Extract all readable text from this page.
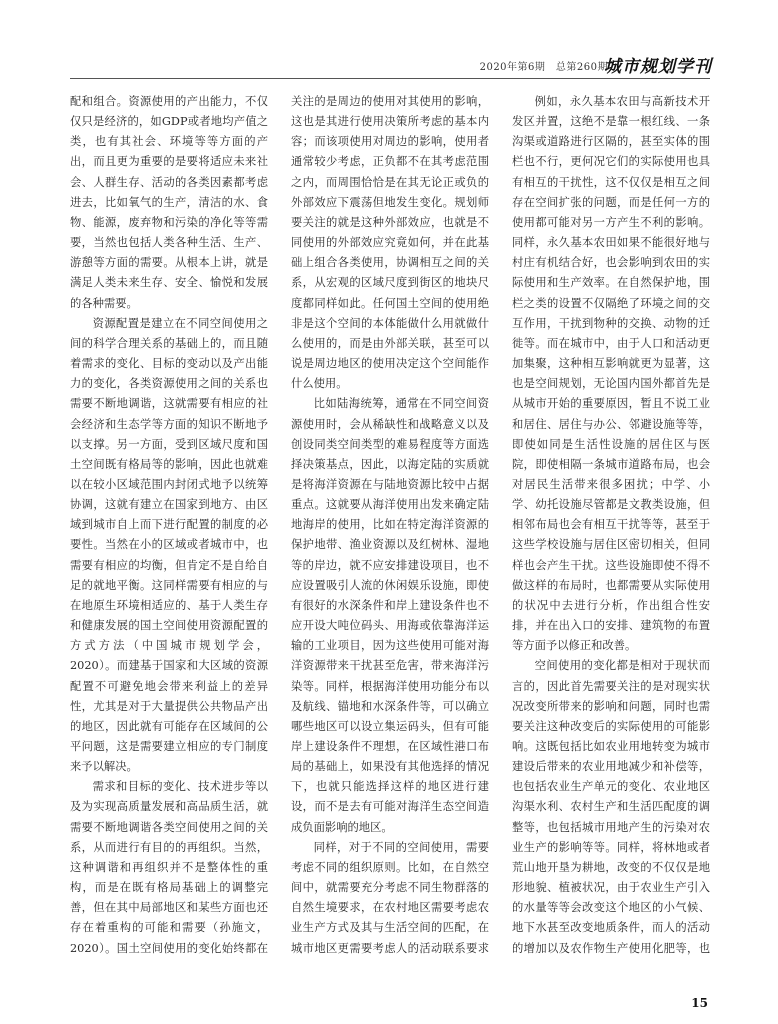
2020年第6期　总第260期
城市规划学刊

配和组合。资源使用的产出能力，不仅仅只是经济的，如GDP或者地均产值之类，也有其社会、环境等等方面的产出，而且更为重要的是要将适应未来社会、人群生存、活动的各类因素都考虑进去，比如氧气的生产，清洁的水、食物、能源，废弃物和污染的净化等等需要，当然也包括人类各种生活、生产、游憩等方面的需要。从根本上讲，就是满足人类未来生存、安全、愉悦和发展的各种需要。

资源配置是建立在不同空间使用之间的科学合理关系的基础上的，而且随着需求的变化、目标的变动以及产出能力的变化，各类资源使用之间的关系也需要不断地调谐，这就需要有相应的社会经济和生态学等方面的知识不断地予以支撑。另一方面，受到区域尺度和国土空间既有格局等的影响，因此也就难以在较小区域范围内封闭式地予以统筹协调，这就有建立在国家到地方、由区域到城市自上而下进行配置的制度的必要性。当然在小的区域或者城市中，也需要有相应的均衡，但肯定不是自给自足的就地平衡。这同样需要有相应的与在地原生环境相适应的、基于人类生存和健康发展的国土空间使用资源配置的方式方法（中国城市规划学会，2020）。而建基于国家和大区域的资源配置不可避免地会带来利益上的差异性，尤其是对于大量提供公共物品产出的地区，因此就有可能存在区域间的公平问题，这是需要建立相应的专门制度来予以解决。

需求和目标的变化、技术进步等以及为实现高质量发展和高品质生活，就需要不断地调谐各类空间使用之间的关系，从而进行有目的的再组织。当然，这种调谐和再组织并不是整体性的重构，而是在既有格局基础上的调整完善，但在其中局部地区和某些方面也还存在着重构的可能和需要（孙施文，2020）。国土空间使用的变化始终都在

关注的是周边的使用对其使用的影响，这也是其进行使用决策所考虑的基本内容；而该项使用对周边的影响，使用者通常较少考虑，正负都不在其考虑范围之内，而周围恰恰是在其无论正或负的外部效应下震荡但地发生变化。规划师要关注的就是这种外部效应，也就是不同使用的外部效应究竟如何，并在此基础上组合各类使用，协调相互之间的关系，从宏观的区域尺度到街区的地块尺度都同样如此。任何国土空间的使用绝非是这个空间的本体能做什么用就做什么使用的，而是由外部关联，甚至可以说是周边地区的使用决定这个空间能作什么使用。

比如陆海统筹，通常在不同空间资源使用时，会从稀缺性和战略意义以及创设同类空间类型的难易程度等方面选择决策基点，因此，以海定陆的实质就是将海洋资源在与陆地资源比较中占据重点。这就要从海洋使用出发来确定陆地海岸的使用，比如在特定海洋资源的保护地带、渔业资源以及红树林、湿地等的岸边，就不应安排建设项目，也不应设置吸引人流的休闲娱乐设施，即使有很好的水深条件和岸上建设条件也不应开设大吨位码头、用海或依靠海洋运输的工业项目，因为这些使用可能对海洋资源带来干扰甚至危害，带来海洋污染等。同样，根据海洋使用功能分布以及航线、锚地和水深条件等，可以确立哪些地区可以设立集运码头，但有可能岸上建设条件不理想，在区域性港口布局的基础上，如果没有其他选择的情况下，也就只能选择这样的地区进行建设，而不是去有可能对海洋生态空间造成负面影响的地区。

同样，对于不同的空间使用，需要考虑不同的组织原则。比如，在自然空间中，就需要充分考虑不同生物群落的自然生境要求，在农村地区需要考虑农业生产方式及其与生活空间的匹配，在城市地区更需要考虑人的活动联系要求

例如，永久基本农田与高新技术开发区并置，这绝不是靠一根红线、一条沟渠或道路进行区隔的，甚至实体的围栏也不行，更何况它们的实际使用也具有相互的干扰性，这不仅仅是相互之间存在空间扩张的问题，而是任何一方的使用都可能对另一方产生不利的影响。同样，永久基本农田如果不能很好地与村庄有机结合好，也会影响到农田的实际使用和生产效率。在自然保护地，围栏之类的设置不仅隔绝了环境之间的交互作用，干扰到物种的交换、动物的迁徙等。而在城市中，由于人口和活动更加集聚，这种相互影响就更为显著，这也是空间规划，无论国内国外都首先是从城市开始的重要原因，暂且不说工业和居住、居住与办公、邻避设施等等，即使如同是生活性设施的居住区与医院，即使相隔一条城市道路布局，也会对居民生活带来很多困扰；中学、小学、幼托设施尽管都是文教类设施，但相邻布局也会有相互干扰等等，甚至于这些学校设施与居住区密切相关，但同样也会产生干扰。这些设施即使不得不做这样的布局时，也都需要从实际使用的状况中去进行分析，作出组合性安排，并在出入口的安排、建筑物的布置等方面予以修正和改善。

空间使用的变化都是相对于现状而言的，因此首先需要关注的是对现实状况改变所带来的影响和问题，同时也需要关注这种改变后的实际使用的可能影响。这既包括比如农业用地转变为城市建设后带来的农业用地减少和补偿等，也包括农业生产单元的变化、农业地区沟渠水利、农村生产和生活匹配度的调整等，也包括城市用地产生的污染对农业生产的影响等等。同样，将林地或者荒山地开垦为耕地，改变的不仅仅是地形地貌、植被状况，由于农业生产引入的水量等等会改变这个地区的小气候、地下水甚至改变地质条件，而人的活动的增加以及农作物生产使用化肥等，也

15
